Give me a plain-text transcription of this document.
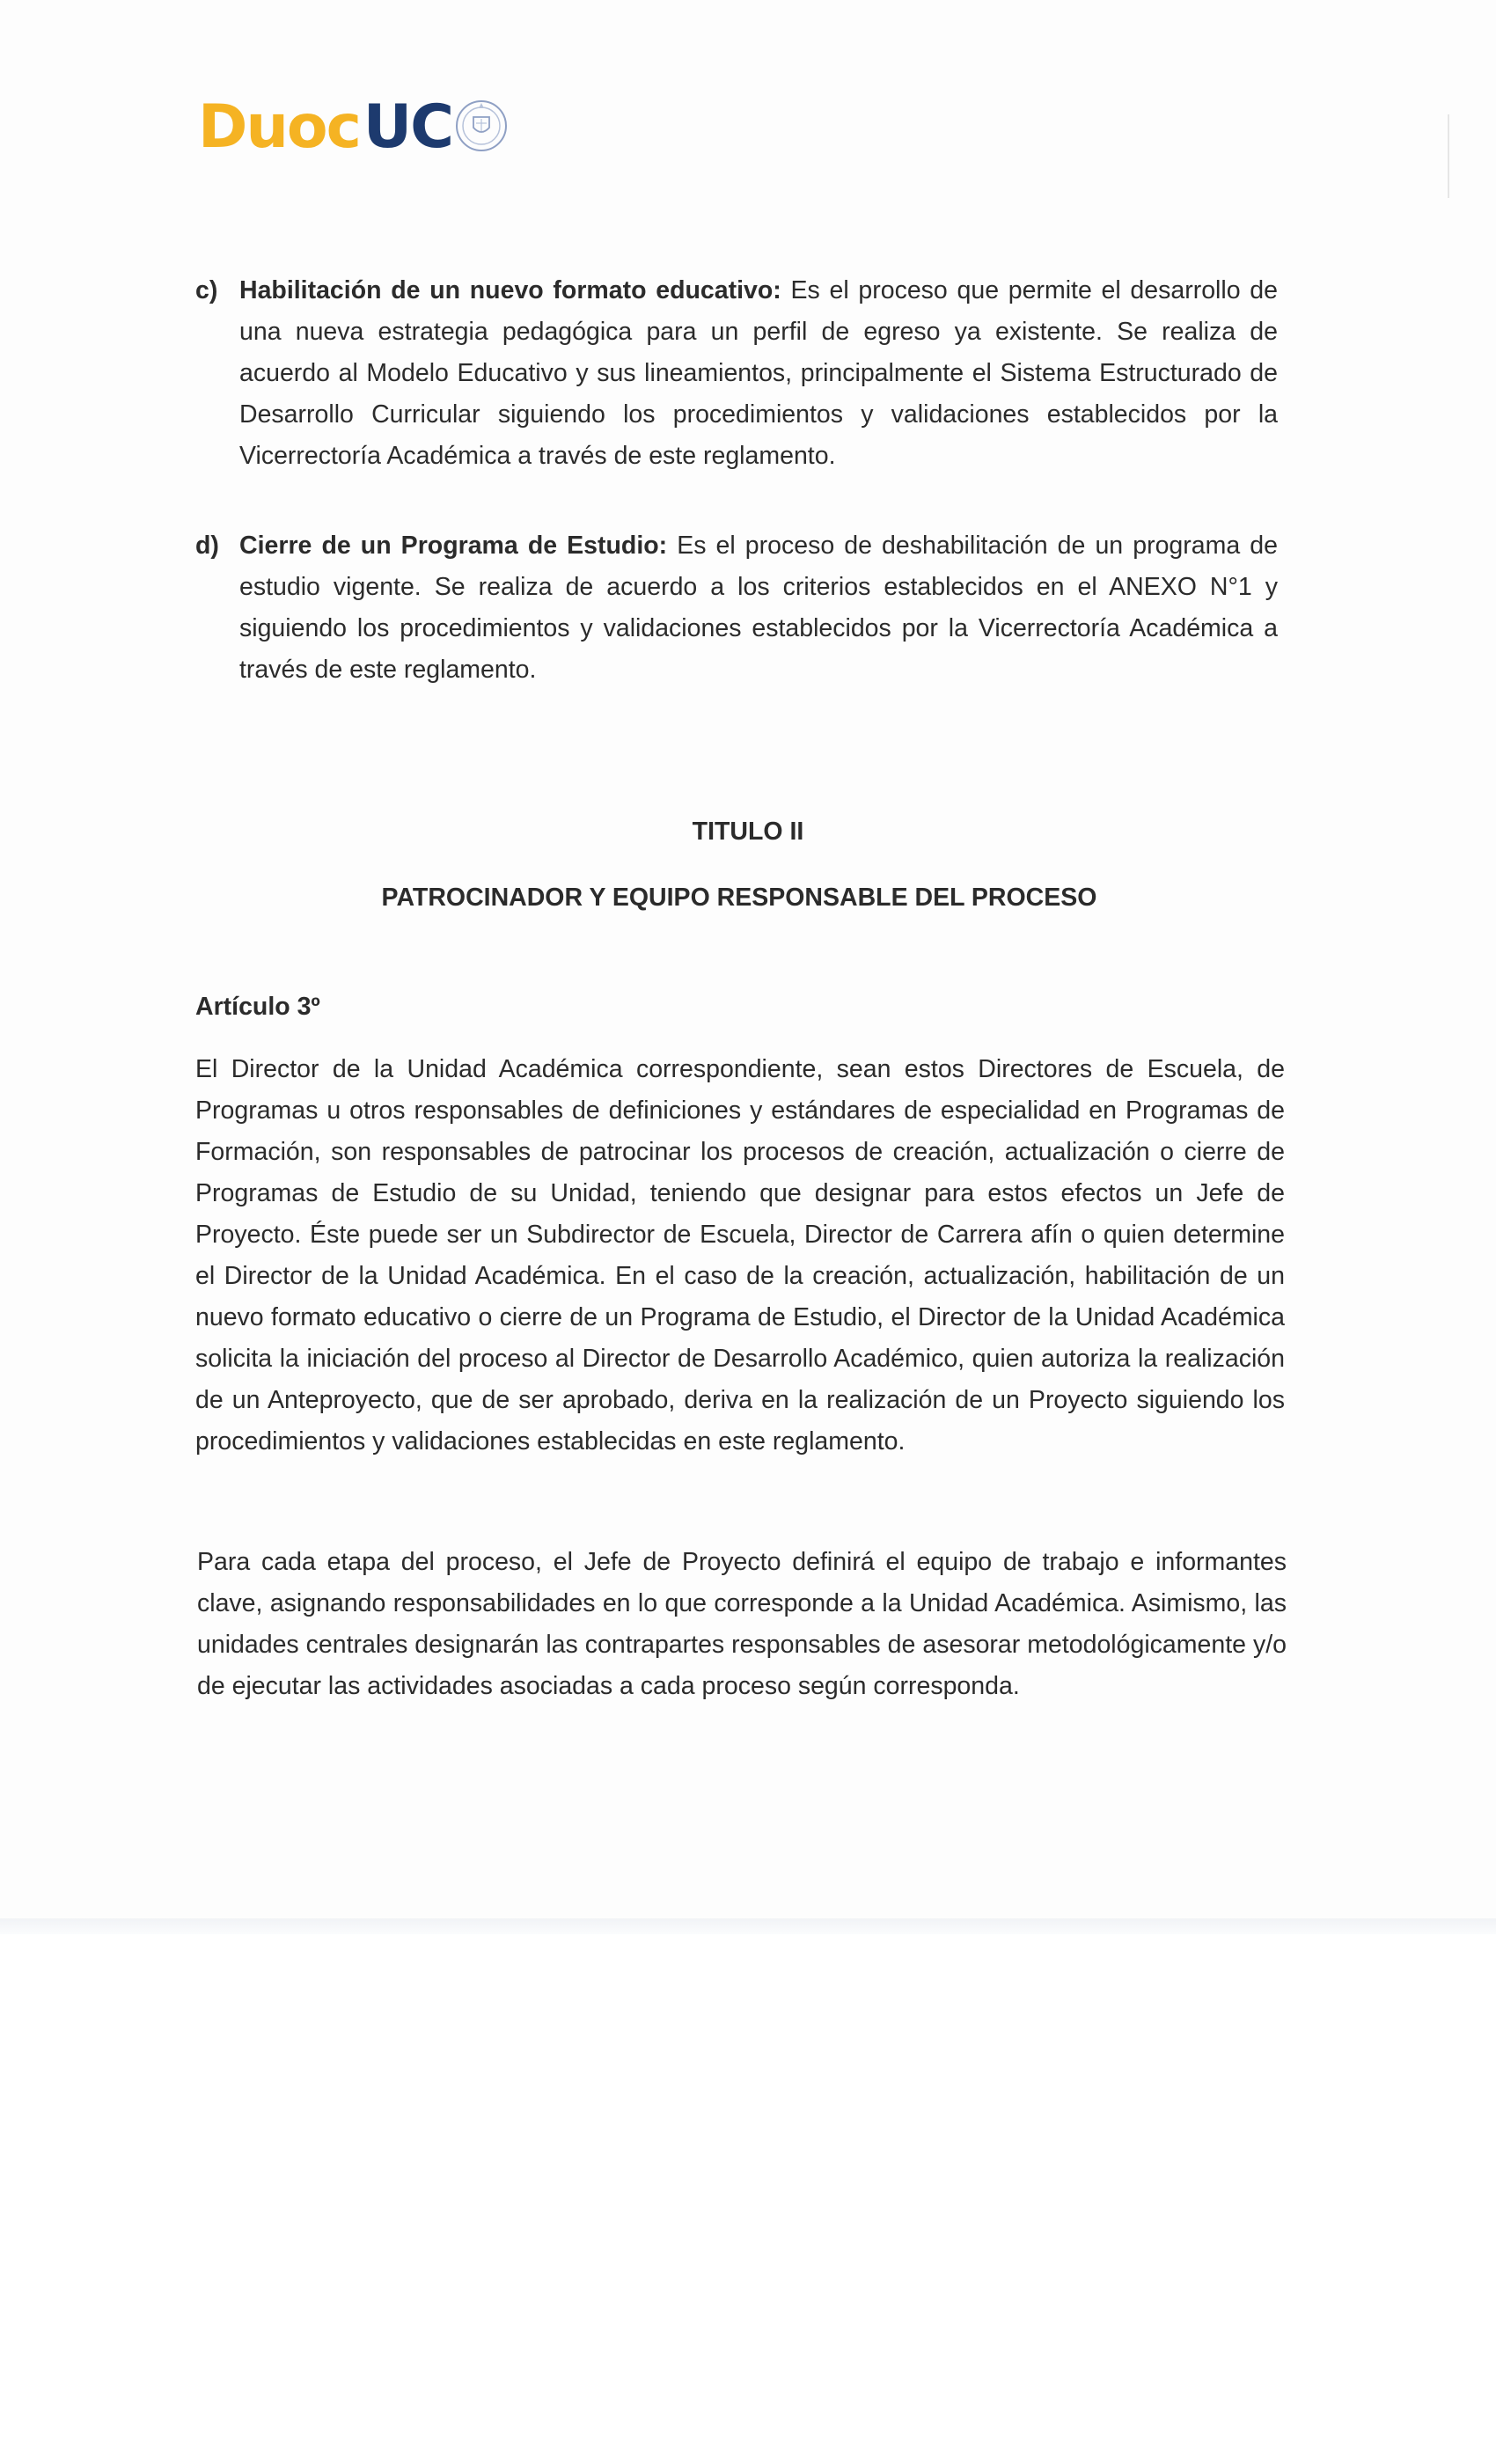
Duoc UC
c) Habilitación de un nuevo formato educativo: Es el proceso que permite el desarrollo de una nueva estrategia pedagógica para un perfil de egreso ya existente. Se realiza de acuerdo al Modelo Educativo y sus lineamientos, principalmente el Sistema Estructurado de Desarrollo Curricular siguiendo los procedimientos y validaciones establecidos por la Vicerrectoría Académica a través de este reglamento.
d) Cierre de un Programa de Estudio: Es el proceso de deshabilitación de un programa de estudio vigente. Se realiza de acuerdo a los criterios establecidos en el ANEXO N°1 y siguiendo los procedimientos y validaciones establecidos por la Vicerrectoría Académica a través de este reglamento.
TITULO II
PATROCINADOR Y EQUIPO RESPONSABLE DEL PROCESO
Artículo 3º
El Director de la Unidad Académica correspondiente, sean estos Directores de Escuela, de Programas u otros responsables de definiciones y estándares de especialidad en Programas de Formación, son responsables de patrocinar los procesos de creación, actualización o cierre de Programas de Estudio de su Unidad, teniendo que designar para estos efectos un Jefe de Proyecto. Éste puede ser un Subdirector de Escuela, Director de Carrera afín o quien determine el Director de la Unidad Académica. En el caso de la creación, actualización, habilitación de un nuevo formato educativo o cierre de un Programa de Estudio, el Director de la Unidad Académica solicita la iniciación del proceso al Director de Desarrollo Académico, quien autoriza la realización de un Anteproyecto, que de ser aprobado, deriva en la realización de un Proyecto siguiendo los procedimientos y validaciones establecidas en este reglamento.
Para cada etapa del proceso, el Jefe de Proyecto definirá el equipo de trabajo e informantes clave, asignando responsabilidades en lo que corresponde a la Unidad Académica. Asimismo, las unidades centrales designarán las contrapartes responsables de asesorar metodológicamente y/o de ejecutar las actividades asociadas a cada proceso según corresponda.
